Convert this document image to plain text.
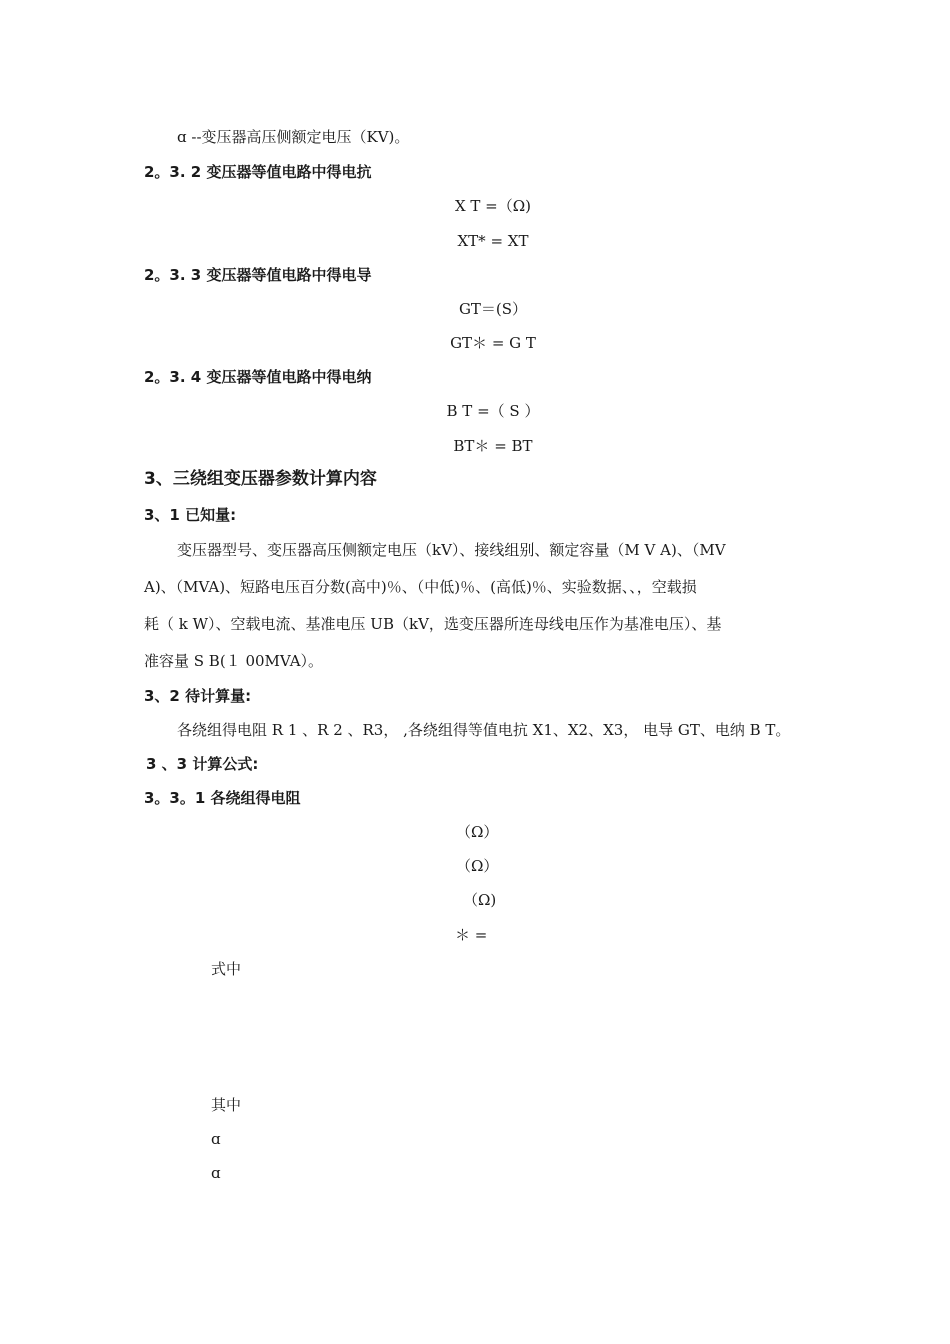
ɑ --变压器高压侧额定电压（KV)。
2。3. 2 变压器等值电路中得电抗
X T =（Ω)
XT* = XT
2。3. 3 变压器等值电路中得电导
GT＝(S）
GT＊ = G T
2。3. 4 变压器等值电路中得电纳
B T =（ S ）
BT＊ = BT
3、三绕组变压器参数计算内容
3、1 已知量:
变压器型号、变压器高压侧额定电压（kV）、接线组别、额定容量（M V A)、（MV
A)、（MVA)、短路电压百分数(高中)％、（中低)％、(高低)％、实验数据、、，空载损
耗（ k W）、空载电流、基准电压 UB（kV，选变压器所连母线电压作为基准电压）、基
准容量 S B(１ 00MVA）。
3、2 待计算量:
各绕组得电阻 R 1 、R 2 、R3， ,各绕组得等值电抗 X1、X2、X3， 电导 GT、电纳 B T。
3 、3 计算公式:
3。3。1 各绕组得电阻
（Ω）
（Ω）
（Ω)
＊ =
式中
其中
ɑ
ɑ
